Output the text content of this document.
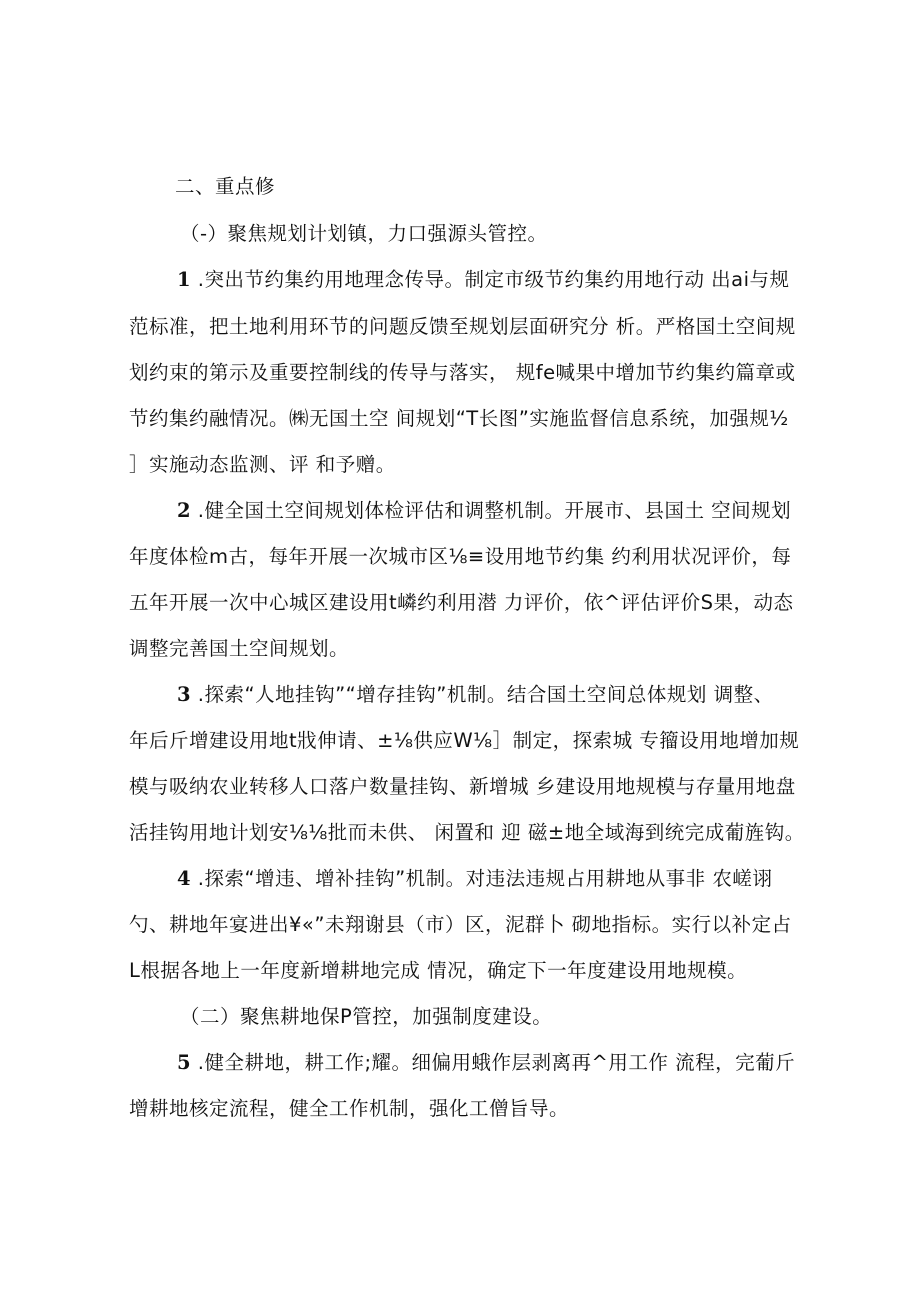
二、重点修
（-）聚焦规划计划镇，力口强源头管控。
1 .突出节约集约用地理念传导。制定市级节约集约用地行动 出ai与规
范标准，把土地利用环节的问题反馈至规划层面研究分 析。严格国土空间规
划约束的第示及重要控制线的传导与落实， 规fe喊果中增加节约集约篇章或
节约集约融情况。㈱无国土空 间规划“T长图”实施监督信息系统，加强规½
］实施动态监测、评 和予赠。
2 .健全国土空间规划体检评估和调整机制。开展市、县国土 空间规划
年度体检m古，每年开展一次城市区⅛≡设用地节约集 约利用状况评价，每
五年开展一次中心城区建设用t嶙约利用潜 力评价，依^评估评价S果，动态
调整完善国土空间规划。
3 .探索“人地挂钩”“增存挂钩”机制。结合国土空间总体规划 调整、
年后斤增建设用地t戕伸请、±⅛供应W⅛］制定，探索城 专籀设用地增加规
模与吸纳农业转移人口落户数量挂钩、新增城 乡建设用地规模与存量用地盘
活挂钩用地计划安⅛⅛批而未供、 闲置和 迎 磁±地全域海到统完成葡旌钩。
4 .探索“增违、增补挂钩”机制。对违法违规占用耕地从事非 农嵯诩
勺、耕地年宴进出¥«”未翔谢县（市）区，泥群卜 砌地指标。实行以补定占
L根据各地上一年度新增耕地完成 情况，确定下一年度建设用地规模。
（二）聚焦耕地保P管控，加强制度建设。
5 .健全耕地，耕工作;耀。细偏用蛾作层剥离再^用工作 流程，完葡斤
增耕地核定流程，健全工作机制，强化工僧旨导。
